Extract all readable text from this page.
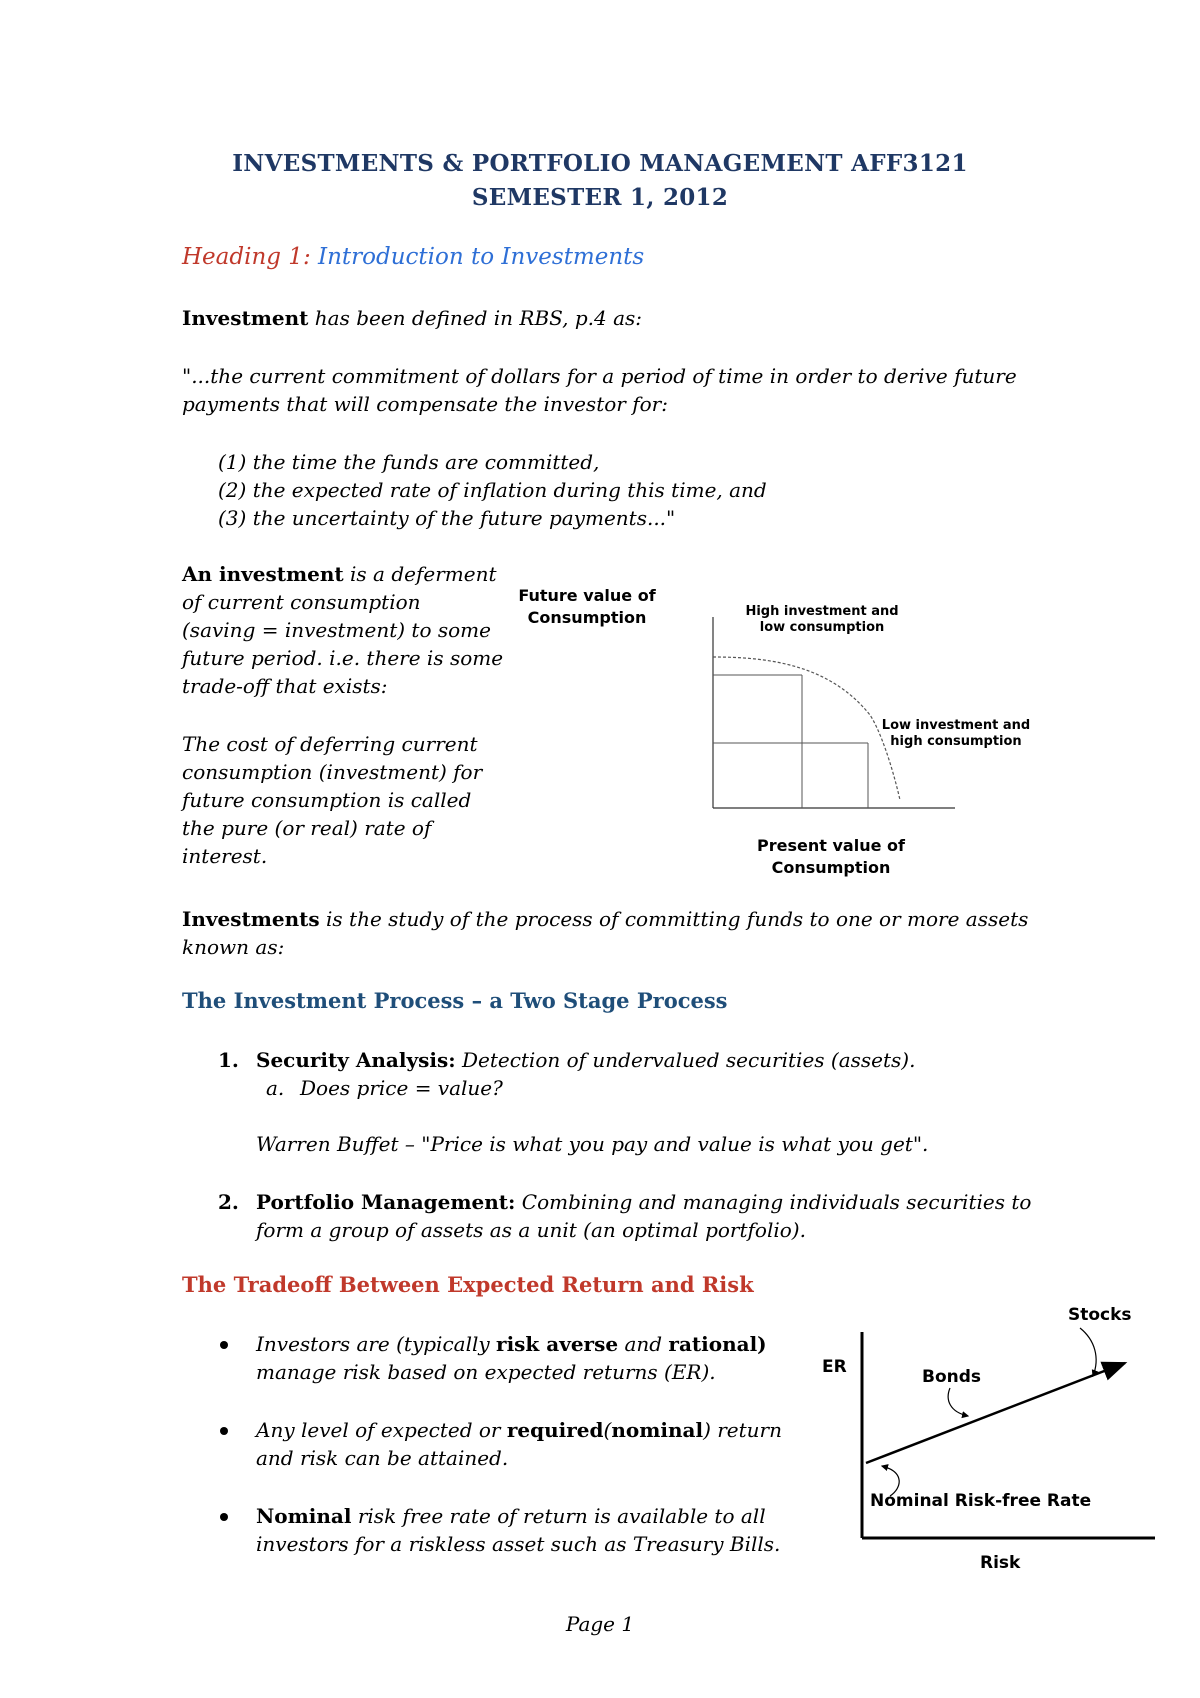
INVESTMENTS & PORTFOLIO MANAGEMENT AFF3121
SEMESTER 1, 2012
Heading 1: Introduction to Investments
Investment has been defined in RBS, p.4 as:
"...the current commitment of dollars for a period of time in order to derive future
payments that will compensate the investor for:
(1) the time the funds are committed,
(2) the expected rate of inflation during this time, and
(3) the uncertainty of the future payments..."
An investment is a deferment
of current consumption
(saving = investment) to some
future period. i.e. there is some
trade-off that exists:
The cost of deferring current
consumption (investment) for
future consumption is called
the pure (or real) rate of
interest.
Future value of
Consumption	High investment and
low consumption
Low investment and
high consumption
Present value of
Consumption
Investments is the study of the process of committing funds to one or more assets
known as:
The Investment Process – a Two Stage Process
1. Security Analysis: Detection of undervalued securities (assets).
a. Does price = value?
Warren Buffet – "Price is what you pay and value is what you get".
2. Portfolio Management: Combining and managing individuals securities to
form a group of assets as a unit (an optimal portfolio).
The Tradeoff Between Expected Return and Risk
Investors are (typically risk averse and rational)
manage risk based on expected returns (ER).
Any level of expected or required(nominal) return
and risk can be attained.
Nominal risk free rate of return is available to all
investors for a riskless asset such as Treasury Bills.
Stocks
ER	Bonds
Nominal Risk-free Rate
Risk
Page 1
